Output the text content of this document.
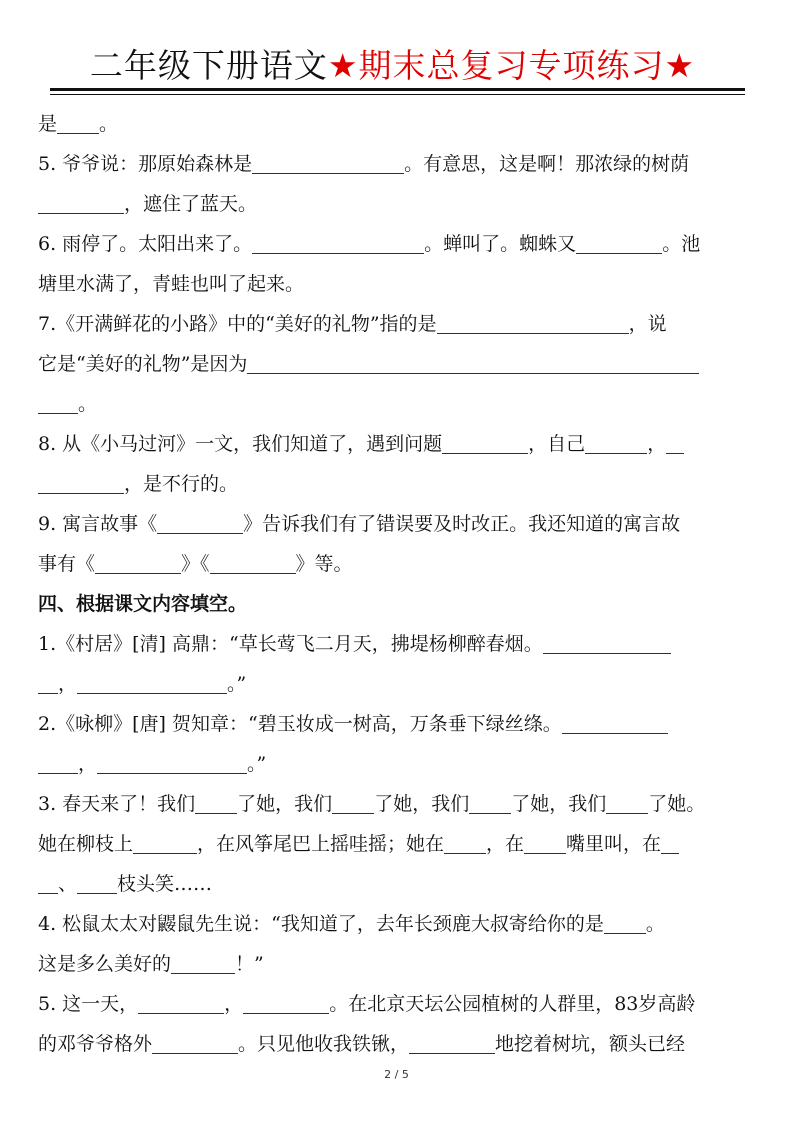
二年级下册语文★期末总复习专项练习★
是 。
5. 爷爷说：那原始森林是	。有意思，这是啊！那浓绿的树荫
，遮住了蓝天。
6. 雨停了。太阳出来了。	。蝉叫了。蜘蛛又	。池
塘里水满了，青蛙也叫了起来。
7.《开满鲜花的小路》中的“美好的礼物”指的是	，说
它是“美好的礼物”是因为
。
8. 从《小马过河》一文，我们知道了，遇到问题	，自己	，
，是不行的。
9. 寓言故事《	》告诉我们有了错误要及时改正。我还知道的寓言故
事有《	》《	》等。
四、根据课文内容填空。
1.《村居》[清] 高鼎：“草长莺飞二月天，拂堤杨柳醉春烟。
，	。”
2.《咏柳》[唐] 贺知章：“碧玉妆成一树高，万条垂下绿丝绦。
，	。”
3. 春天来了！我们 了她，我们 了她，我们 了她，我们 了她。
她在柳枝上	，在风筝尾巴上摇哇摇；她在 ，在 嘴里叫，在
、 枝头笑……
4. 松鼠太太对鼹鼠先生说：“我知道了，去年长颈鹿大叔寄给你的是 。
这是多么美好的	！”
5. 这一天，	，	。在北京天坛公园植树的人群里，83岁高龄
的邓爷爷格外	。只见他收我铁锹，	地挖着树坑，额头已经
2 / 5
